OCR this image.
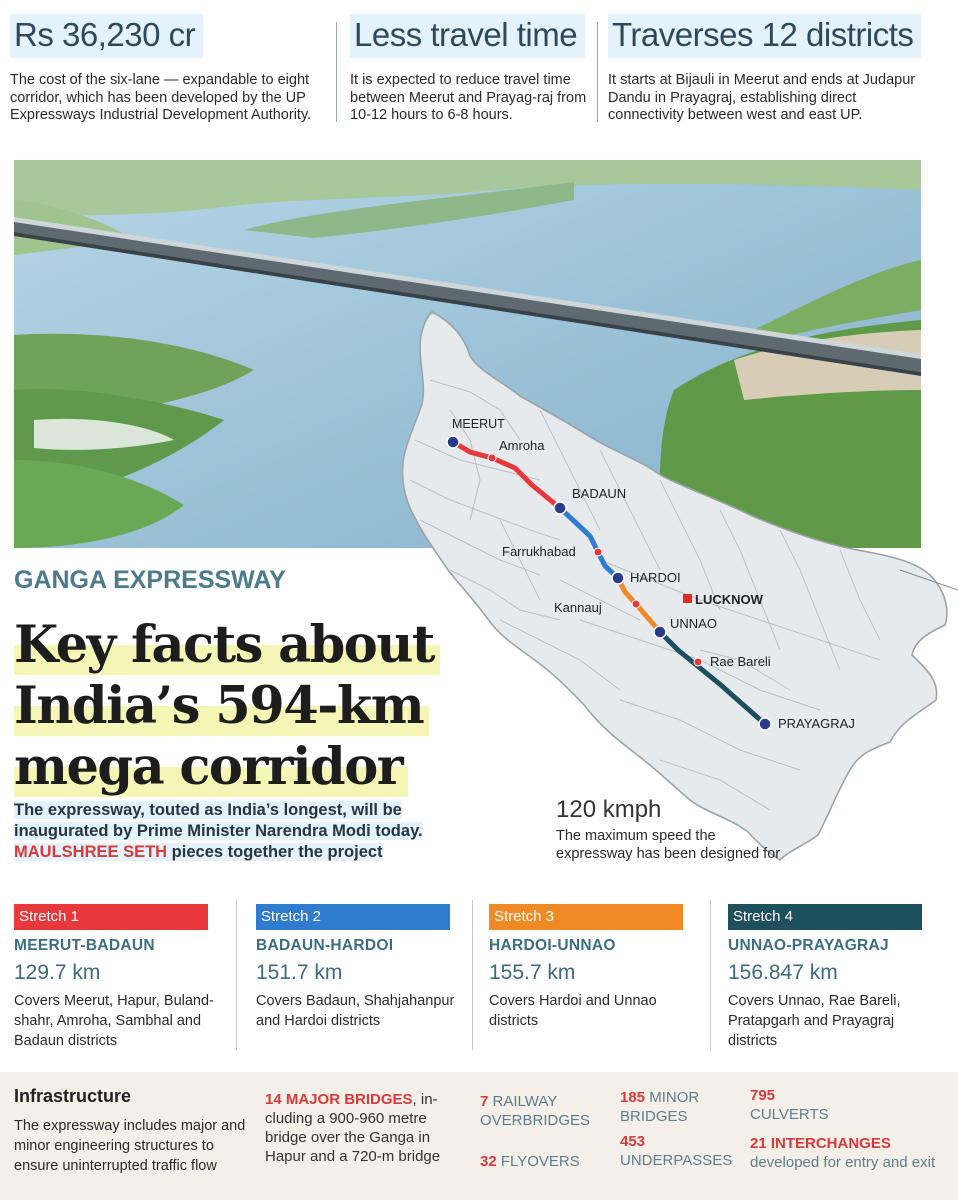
Rs 36,230 cr
The cost of the six-lane — expandable to eight corridor, which has been developed by the UP Expressways Industrial Development Authority.
Less travel time
It is expected to reduce travel time between Meerut and Prayag-raj from 10-12 hours to 6-8 hours.
Traverses 12 districts
It starts at Bijauli in Meerut and ends at Judapur Dandu in Prayagraj, establishing direct connectivity between west and east UP.
MEERUT
Amroha
BADAUN
Farrukhabad
HARDOI
Kannauj
LUCKNOW
UNNAO
Rae Bareli
PRAYAGRAJ
GANGA EXPRESSWAY
Key facts about
India’s 594-km
mega corridor
The expressway, touted as India’s longest, will be
inaugurated by Prime Minister Narendra Modi today.
MAULSHREE SETH pieces together the project
120 kmph
The maximum speed the expressway has been designed for
Stretch 1
MEERUT-BADAUN
129.7 km
Covers Meerut, Hapur, Buland-shahr, Amroha, Sambhal and Badaun districts
Stretch 2
BADAUN-HARDOI
151.7 km
Covers Badaun, Shahjahanpur and Hardoi districts
Stretch 3
HARDOI-UNNAO
155.7 km
Covers Hardoi and Unnao districts
Stretch 4
UNNAO-PRAYAGRAJ
156.847 km
Covers Unnao, Rae Bareli, Pratapgarh and Prayagraj districts
Infrastructure
The expressway includes major and minor engineering structures to ensure uninterrupted traffic flow
14 MAJOR BRIDGES, in-cluding a 900-960 metre bridge over the Ganga in Hapur and a 720-m bridge
7 RAILWAY OVERBRIDGES
32 FLYOVERS
185 MINOR BRIDGES
453
UNDERPASSES
795
CULVERTS
21 INTERCHANGES
developed for entry and exit
